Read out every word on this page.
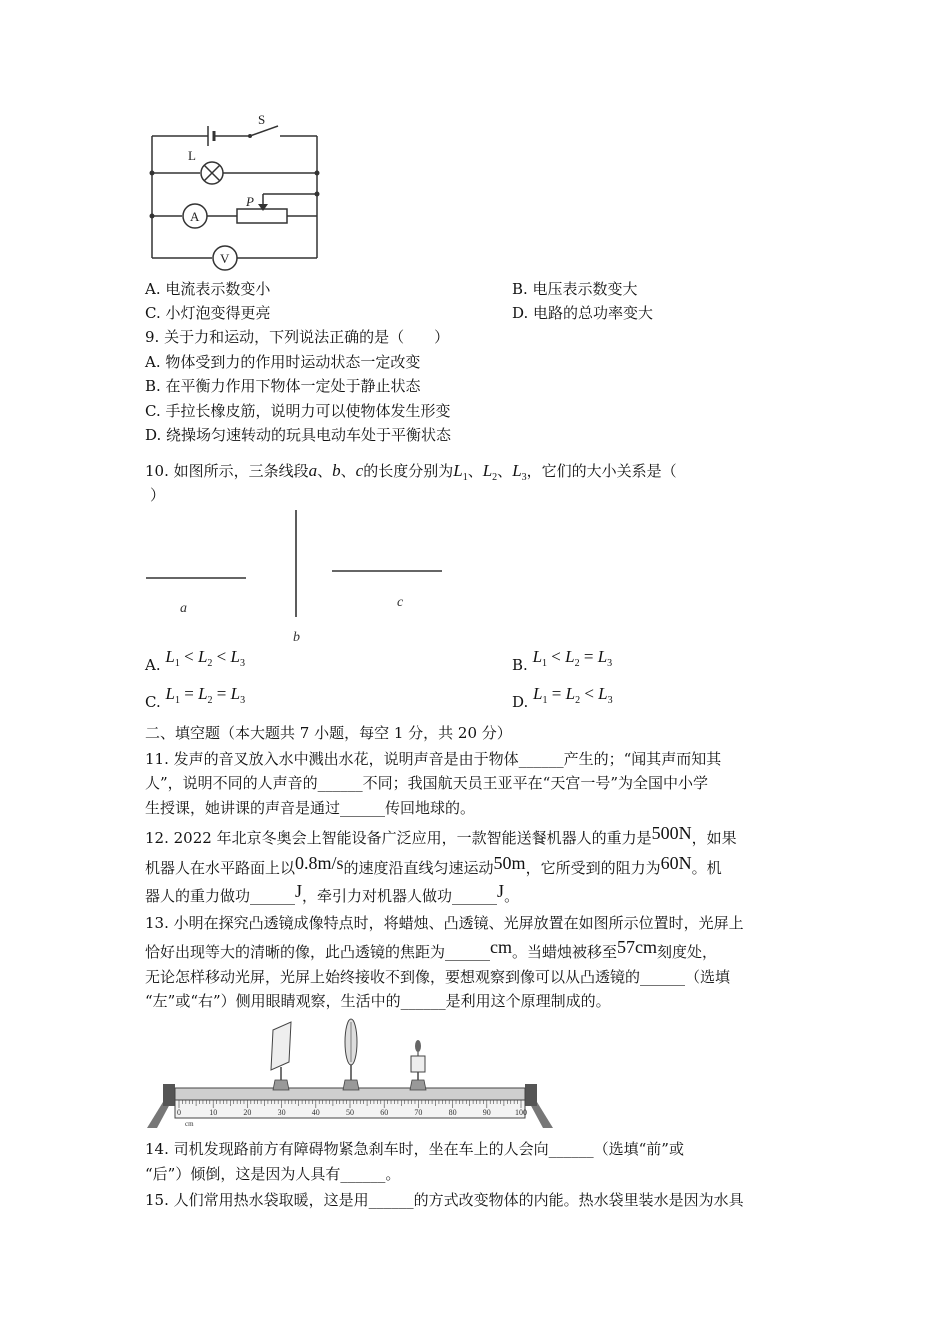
S
L
P
A
V
A. 电流表示数变小	B. 电压表示数变大
C. 小灯泡变得更亮	D. 电路的总功率变大
9. 关于力和运动，下列说法正确的是（　　）
A. 物体受到力的作用时运动状态一定改变
B. 在平衡力作用下物体一定处于静止状态
C. 手拉长橡皮筋，说明力可以使物体发生形变
D. 绕操场匀速转动的玩具电动车处于平衡状态
10. 如图所示，三条线段a、b、c的长度分别为$L_1$、$L_2$、$L_3$，它们的大小关系是（
）
a
b
c
A. $L_1 < L_2 < L_3$	B. $L_1 < L_2 = L_3$
C. $L_1 = L_2 = L_3$	D. $L_1 = L_2 < L_3$
二、填空题（本大题共 7 小题，每空 1 分，共 20 分）
11. 发声的音叉放入水中溅出水花，说明声音是由于物体______产生的；“闻其声而知其
人”，说明不同的人声音的______不同；我国航天员王亚平在“天宫一号”为全国中小学
生授课，她讲课的声音是通过______传回地球的。
12. 2022 年北京冬奥会上智能设备广泛应用，一款智能送餐机器人的重力是500N，如果
机器人在水平路面上以0.8m/s的速度沿直线匀速运动50m，它所受到的阻力为60N。机
器人的重力做功______J，牵引力对机器人做功______J。
13. 小明在探究凸透镜成像特点时，将蜡烛、凸透镜、光屏放置在如图所示位置时，光屏上
恰好出现等大的清晰的像，此凸透镜的焦距为______cm。当蜡烛被移至57cm刻度处，
无论怎样移动光屏，光屏上始终接收不到像，要想观察到像可以从凸透镜的______（选填
“左”或“右”）侧用眼睛观察，生活中的______是利用这个原理制成的。
0	10	20	30	40	50	60	70	80	90	100
cm
14. 司机发现路前方有障碍物紧急刹车时，坐在车上的人会向______（选填“前”或
“后”）倾倒，这是因为人具有______。
15. 人们常用热水袋取暖，这是用______的方式改变物体的内能。热水袋里装水是因为水具
